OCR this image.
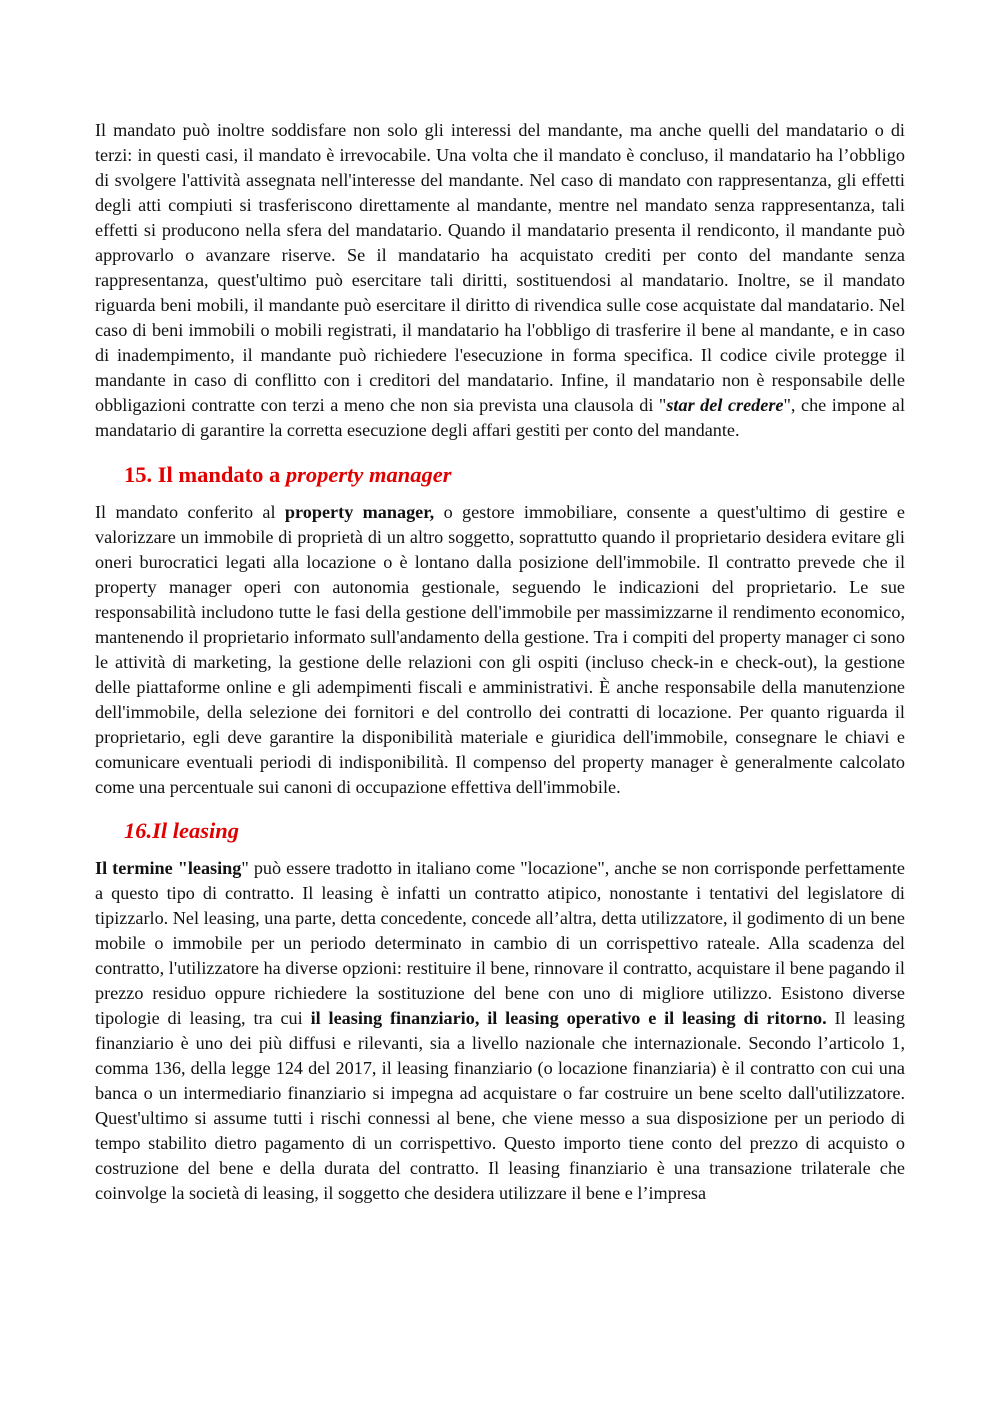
Il mandato può inoltre soddisfare non solo gli interessi del mandante, ma anche quelli del mandatario o di terzi: in questi casi, il mandato è irrevocabile. Una volta che il mandato è concluso, il mandatario ha l’obbligo di svolgere l'attività assegnata nell'interesse del mandante. Nel caso di mandato con rappresentanza, gli effetti degli atti compiuti si trasferiscono direttamente al mandante, mentre nel mandato senza rappresentanza, tali effetti si producono nella sfera del mandatario. Quando il mandatario presenta il rendiconto, il mandante può approvarlo o avanzare riserve. Se il mandatario ha acquistato crediti per conto del mandante senza rappresentanza, quest'ultimo può esercitare tali diritti, sostituendosi al mandatario. Inoltre, se il mandato riguarda beni mobili, il mandante può esercitare il diritto di rivendica sulle cose acquistate dal mandatario. Nel caso di beni immobili o mobili registrati, il mandatario ha l'obbligo di trasferire il bene al mandante, e in caso di inadempimento, il mandante può richiedere l'esecuzione in forma specifica. Il codice civile protegge il mandante in caso di conflitto con i creditori del mandatario. Infine, il mandatario non è responsabile delle obbligazioni contratte con terzi a meno che non sia prevista una clausola di "star del credere", che impone al mandatario di garantire la corretta esecuzione degli affari gestiti per conto del mandante.

15. Il mandato a property manager

Il mandato conferito al property manager, o gestore immobiliare, consente a quest'ultimo di gestire e valorizzare un immobile di proprietà di un altro soggetto, soprattutto quando il proprietario desidera evitare gli oneri burocratici legati alla locazione o è lontano dalla posizione dell'immobile. Il contratto prevede che il property manager operi con autonomia gestionale, seguendo le indicazioni del proprietario. Le sue responsabilità includono tutte le fasi della gestione dell'immobile per massimizzarne il rendimento economico, mantenendo il proprietario informato sull'andamento della gestione. Tra i compiti del property manager ci sono le attività di marketing, la gestione delle relazioni con gli ospiti (incluso check-in e check-out), la gestione delle piattaforme online e gli adempimenti fiscali e amministrativi. È anche responsabile della manutenzione dell'immobile, della selezione dei fornitori e del controllo dei contratti di locazione. Per quanto riguarda il proprietario, egli deve garantire la disponibilità materiale e giuridica dell'immobile, consegnare le chiavi e comunicare eventuali periodi di indisponibilità. Il compenso del property manager è generalmente calcolato come una percentuale sui canoni di occupazione effettiva dell'immobile.

16.Il leasing

Il termine "leasing" può essere tradotto in italiano come "locazione", anche se non corrisponde perfettamente a questo tipo di contratto. Il leasing è infatti un contratto atipico, nonostante i tentativi del legislatore di tipizzarlo. Nel leasing, una parte, detta concedente, concede all’altra, detta utilizzatore, il godimento di un bene mobile o immobile per un periodo determinato in cambio di un corrispettivo rateale. Alla scadenza del contratto, l'utilizzatore ha diverse opzioni: restituire il bene, rinnovare il contratto, acquistare il bene pagando il prezzo residuo oppure richiedere la sostituzione del bene con uno di migliore utilizzo. Esistono diverse tipologie di leasing, tra cui il leasing finanziario, il leasing operativo e il leasing di ritorno. Il leasing finanziario è uno dei più diffusi e rilevanti, sia a livello nazionale che internazionale. Secondo l’articolo 1, comma 136, della legge 124 del 2017, il leasing finanziario (o locazione finanziaria) è il contratto con cui una banca o un intermediario finanziario si impegna ad acquistare o far costruire un bene scelto dall'utilizzatore. Quest'ultimo si assume tutti i rischi connessi al bene, che viene messo a sua disposizione per un periodo di tempo stabilito dietro pagamento di un corrispettivo. Questo importo tiene conto del prezzo di acquisto o costruzione del bene e della durata del contratto. Il leasing finanziario è una transazione trilaterale che coinvolge la società di leasing, il soggetto che desidera utilizzare il bene e l’impresa
